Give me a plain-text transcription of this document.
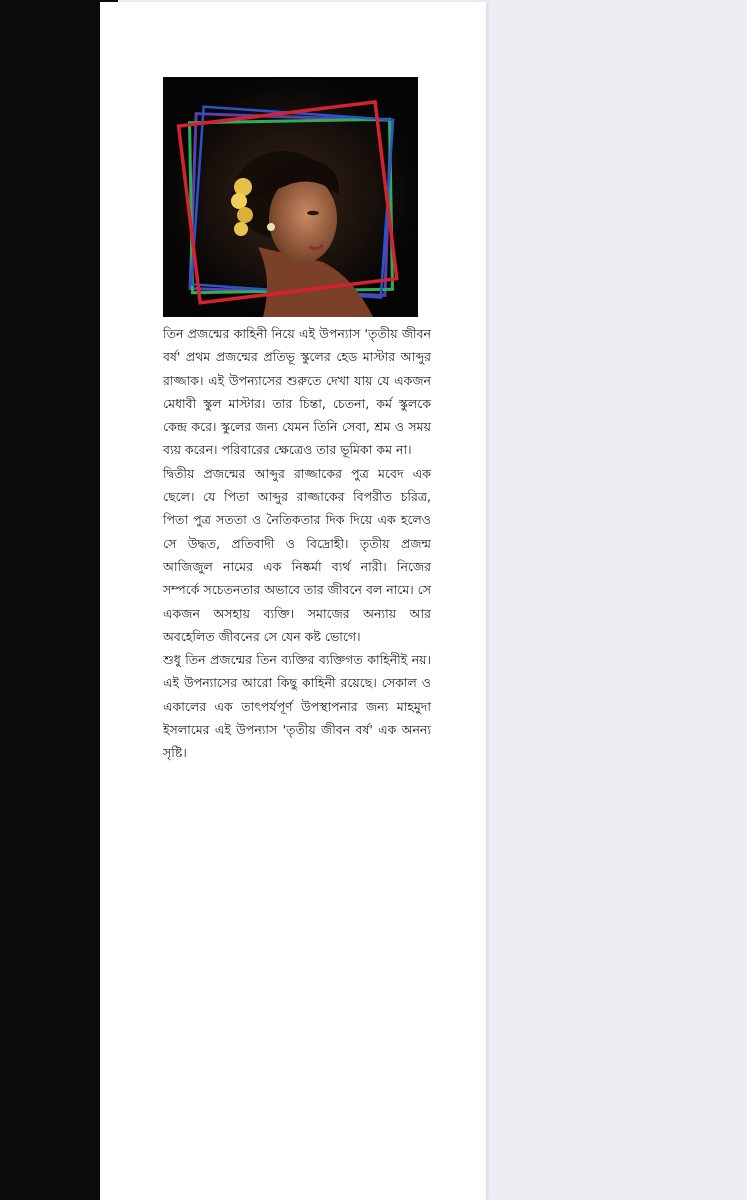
তিন প্রজন্মের কাহিনী নিয়ে এই উপন্যাস 'তৃতীয় জীবন বর্ষ' প্রথম প্রজন্মের প্রতিভূ স্কুলের হেড মাস্টার আব্দুর রাজ্জাক। এই উপন্যাসের শুরুতে দেখা যায় যে একজন মেধাবী স্কুল মাস্টার। তার চিন্তা, চেতনা, কর্ম স্কুলকে কেন্দ্র করে। স্কুলের জন্য যেমন তিনি সেবা, শ্রম ও সময় ব্যয় করেন। পরিবারের ক্ষেত্রেও তার ভূমিকা কম না।

দ্বিতীয় প্রজন্মের আব্দুর রাজ্জাকের পুত্র মবেদ এক ছেলে। যে পিতা আব্দুর রাজ্জাকের বিপরীত চরিত্র, পিতা পুত্র সততা ও নৈতিকতার দিক দিয়ে এক হলেও সে উদ্ধত, প্রতিবাদী ও বিদ্রোহী। তৃতীয় প্রজন্ম আজিজুল নামের এক নিষ্কর্মা ব্যর্থ নারী। নিজের সম্পর্কে সচেতনতার অভাবে তার জীবনে বল নামে। সে একজন অসহায় ব্যক্তি। সমাজের অন্যায় আর অবহেলিত জীবনের সে যেন কষ্ট ভোগে।

শুধু তিন প্রজন্মের তিন ব্যক্তির ব্যক্তিগত কাহিনীই নয়। এই উপন্যাসের আরো কিছু কাহিনী রয়েছে। সেকাল ও একালের এক তাৎপর্যপূর্ণ উপস্থাপনার জন্য মাহমুদা ইসলামের এই উপন্যাস 'তৃতীয় জীবন বর্ষ' এক অনন্য সৃষ্টি।
